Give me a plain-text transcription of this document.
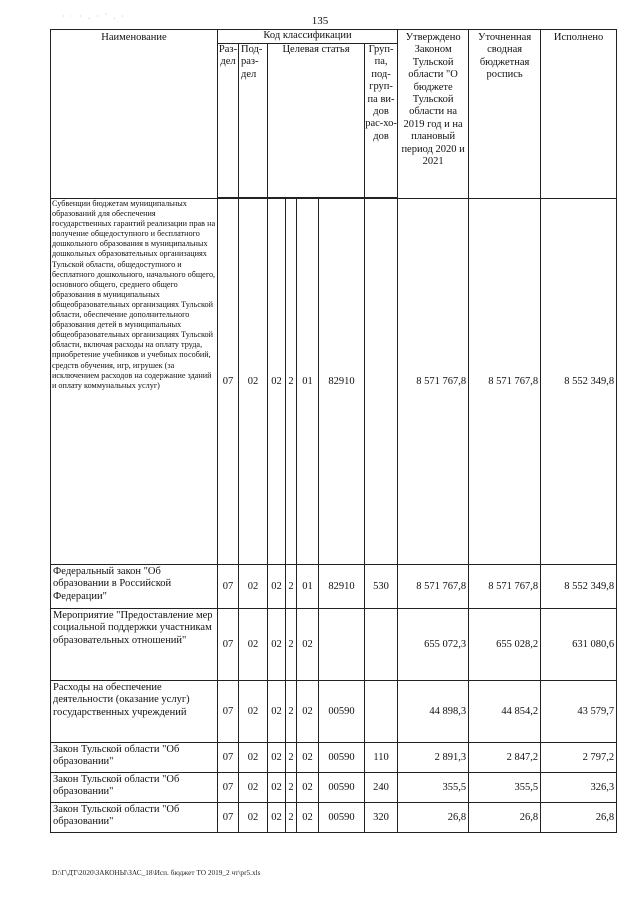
· · · . · ` . ·	135
Наименование	Код классификации							Утверждено Законом Тульской области "О бюджете Тульской области на 2019 год и на плановый период 2020 и 2021	Уточненная сводная бюджетная роспись	Исполнено
	Раз-дел	Под-раз-дел	Целевая статья				Груп-па, под-груп-па ви-дов рас-хо-дов			

Субвенции бюджетам муниципальных образований для обеспечения государственных гарантий реализации прав на получение общедоступного и бесплатного дошкольного образования в муниципальных дошкольных образовательных организациях Тульской области, общедоступного и бесплатного дошкольного, начального общего, основного общего, среднего общего образования в муниципальных общеобразовательных организациях Тульской области, обеспечение дополнительного образования детей в муниципальных общеобразовательных организациях Тульской области, включая расходы на оплату труда, приобретение учебников и учебных пособий, средств обучения, игр, игрушек (за исключением расходов на содержание зданий и оплату коммунальных услуг)	07	02	02	2	01	82910		8 571 767,8	8 571 767,8	8 552 349,8
Федеральный закон "Об образовании в Российской Федерации"	07	02	02	2	01	82910	530	8 571 767,8	8 571 767,8	8 552 349,8
Мероприятие "Предоставление мер социальной поддержки участникам образовательных отношений"	07	02	02	2	02			655 072,3	655 028,2	631 080,6
Расходы на обеспечение деятельности (оказание услуг) государственных учреждений	07	02	02	2	02	00590		44 898,3	44 854,2	43 579,7
Закон Тульской области "Об образовании"	07	02	02	2	02	00590	110	2 891,3	2 847,2	2 797,2
Закон Тульской области "Об образовании"	07	02	02	2	02	00590	240	355,5	355,5	326,3
Закон Тульской области "Об образовании"	07	02	02	2	02	00590	320	26,8	26,8	26,8
D:\Г\ДТ\2020\ЗАКОНЫ\ЗАС_18\Исп. бюджет ТО 2019_2 чт\pr5.xls
